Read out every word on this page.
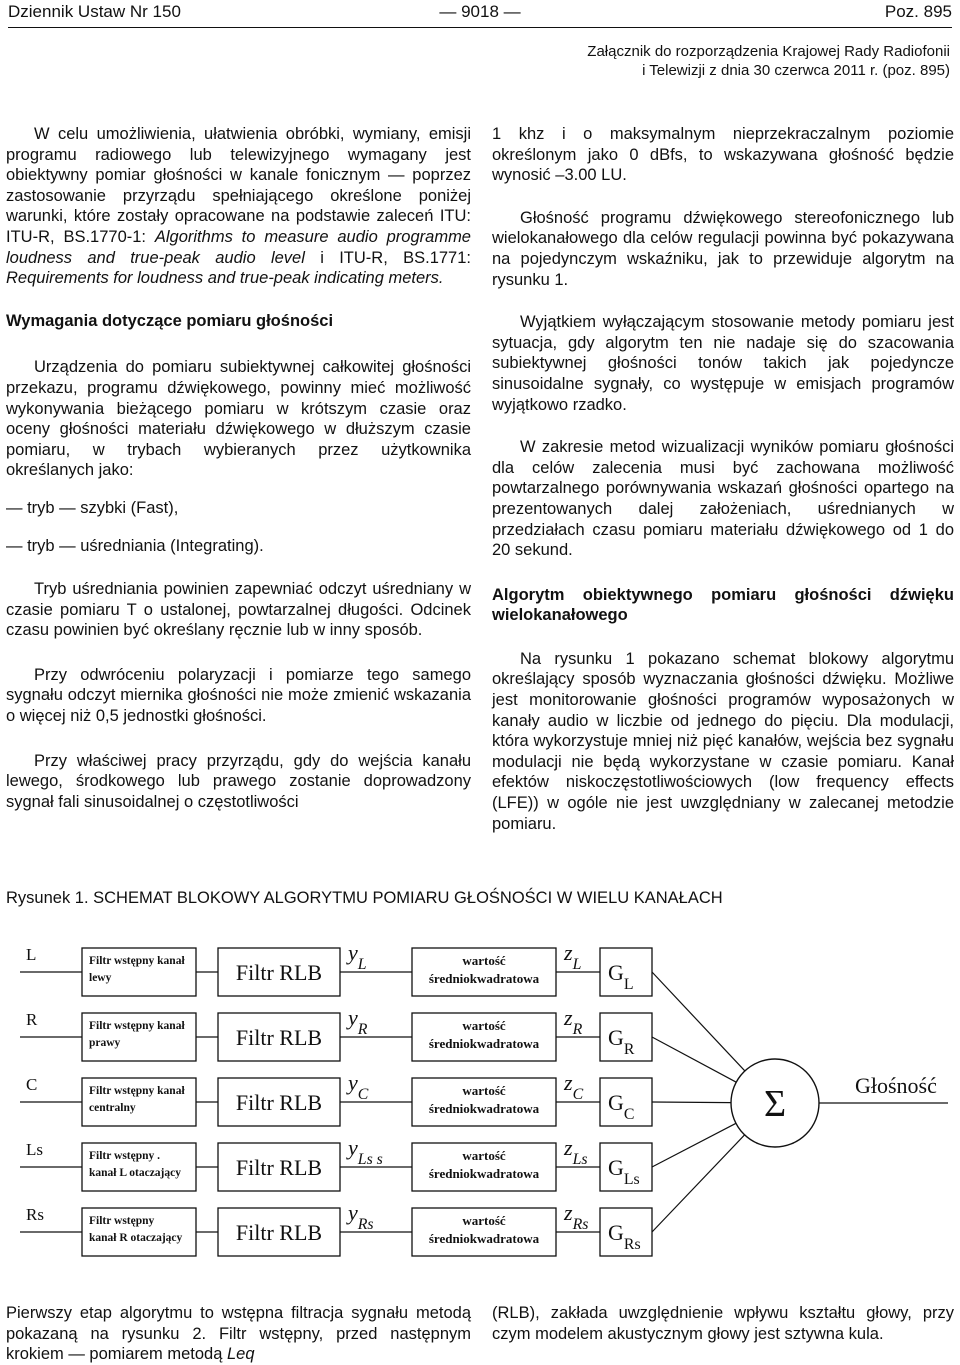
Dziennik Ustaw Nr 150	— 9018 —	Poz. 895
Załącznik do rozporządzenia Krajowej Rady Radiofonii
i Telewizji z dnia 30 czerwca 2011 r. (poz. 895)

W celu umożliwienia, ułatwienia obróbki, wymiany, emisji programu radiowego lub telewizyjnego wymagany jest obiektywny pomiar głośności w kanale fonicznym — poprzez zastosowanie przyrządu spełniającego określone poniżej warunki, które zostały opracowane na podstawie zaleceń ITU: ITU-R, BS.1770-1: Algorithms to measure audio programme loudness and true-peak audio level i ITU-R, BS.1771: Requirements for loudness and true-peak indicating meters.

Wymagania dotyczące pomiaru głośności

Urządzenia do pomiaru subiektywnej całkowitej głośności przekazu, programu dźwiękowego, powinny mieć możliwość wykonywania bieżącego pomiaru w krótszym czasie oraz oceny głośności materiału dźwiękowego w dłuższym czasie pomiaru, w trybach wybieranych przez użytkownika określanych jako:

— tryb — szybki (Fast),

— tryb — uśredniania (Integrating).

Tryb uśredniania powinien zapewniać odczyt uśredniany w czasie pomiaru T o ustalonej, powtarzalnej długości. Odcinek czasu powinien być określany ręcznie lub w inny sposób.

Przy odwróceniu polaryzacji i pomiarze tego samego sygnału odczyt miernika głośności nie może zmienić wskazania o więcej niż 0,5 jednostki głośności.

Przy właściwej pracy przyrządu, gdy do wejścia kanału lewego, środkowego lub prawego zostanie doprowadzony sygnał fali sinusoidalnej o częstotliwości

1 khz i o maksymalnym nieprzekraczalnym poziomie określonym jako 0 dBfs, to wskazywana głośność będzie wynosić –3.00 LU.

Głośność programu dźwiękowego stereofonicznego lub wielokanałowego dla celów regulacji powinna być pokazywana na pojedynczym wskaźniku, jak to przewiduje algorytm na rysunku 1.

Wyjątkiem wyłączającym stosowanie metody pomiaru jest sytuacja, gdy algorytm ten nie nadaje się do szacowania subiektywnej głośności tonów takich jak pojedyncze sinusoidalne sygnały, co występuje w emisjach programów wyjątkowo rzadko.

W zakresie metod wizualizacji wyników pomiaru głośności dla celów zalecenia musi być zachowana możliwość powtarzalnego porównywania wskazań głośności opartego na prezentowanych dalej założeniach, uśrednianych w przedziałach czasu pomiaru materiału dźwiękowego od 1 do 20 sekund.

Algorytm obiektywnego pomiaru głośności dźwięku wielokanałowego

Na rysunku 1 pokazano schemat blokowy algorytmu określający sposób wyznaczania głośności dźwięku. Możliwe jest monitorowanie głośności programów wyposażonych w kanały audio w liczbie od jednego do pięciu. Dla modulacji, która wykorzystuje mniej niż pięć kanałów, wejścia bez sygnału modulacji nie będą wykorzystane w czasie pomiaru. Kanał efektów niskoczęstotliwościowych (low frequency effects (LFE)) w ogóle nie jest uwzględniany w zalecanej metodzie pomiaru.

Rysunek 1. SCHEMAT BLOKOWY ALGORYTMU POMIARU GŁOŚNOŚCI W WIELU KANAŁACH
L	Filtr wstępny kanał
lewy	Filtr RLB
$y_L$	wartość
średniokwadratowa
$z_L$ $G_L$
R	Filtr wstępny kanał
prawy	Filtr RLB
$y_R$	wartość
średniokwadratowa
$z_R$ $G_R$
C	Filtr wstępny kanał
centralny	Filtr RLB
$y_C$	wartość
średniokwadratowa
$z_C$ $G_C$
Ls	Filtr wstępny .
kanał L otaczający Filtr RLB
$y_{Ls s}$	wartość
średniokwadratowa
$z_{Ls}$ $G_{Ls}$
Rs	Filtr wstępny
kanał R otaczający Filtr RLB
$y_{Rs}$	wartość
średniokwadratowa
$z_{Rs}$ $G_{Rs}$
Σ	Głośność

Pierwszy etap algorytmu to wstępna filtracja sygnału metodą pokazaną na rysunku 2. Filtr wstępny, przed następnym krokiem — pomiarem metodą Leq

(RLB), zakłada uwzględnienie wpływu kształtu głowy, przy czym modelem akustycznym głowy jest sztywna kula.
